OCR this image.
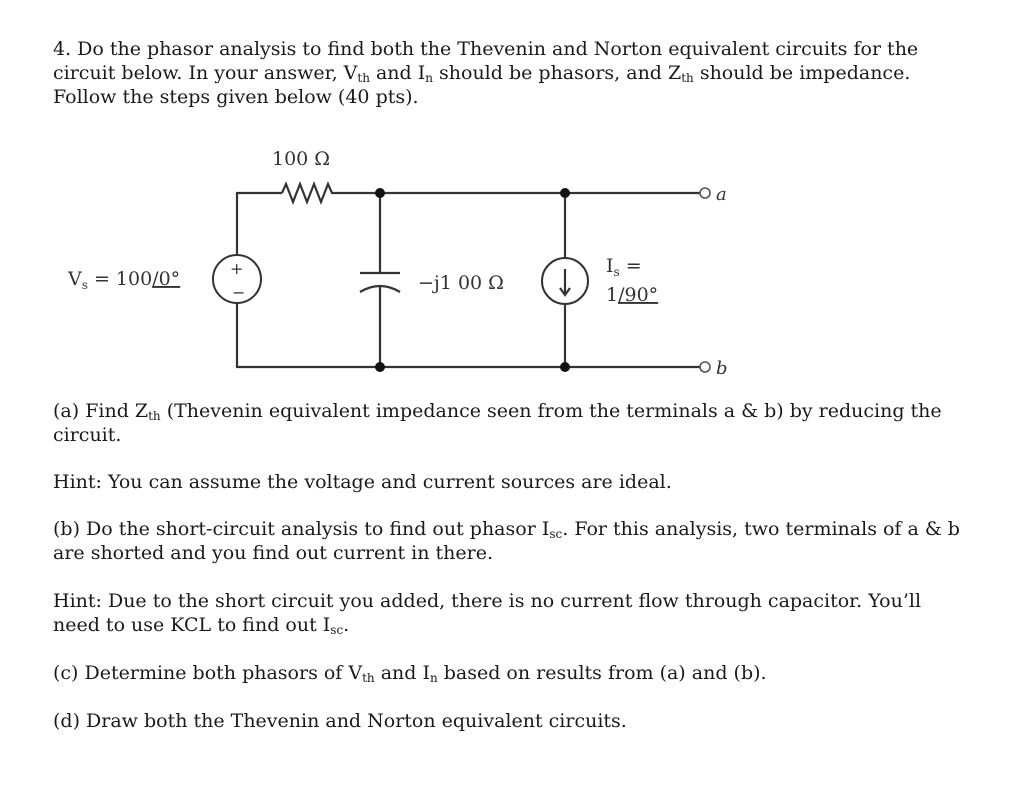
4. Do the phasor analysis to find both the Thevenin and Norton equivalent circuits for the circuit below. In your answer, $V_{th}$ and $I_n$ should be phasors, and $Z_{th}$ should be impedance. Follow the steps given below (40 pts).
100 Ω
−j1 00 Ω
+
−
$V_s = 100/0^\circ$
$I_s$ =
1/90°
a
b
(a) Find $Z_{th}$ (Thevenin equivalent impedance seen from the terminals a & b) by reducing the circuit.
Hint: You can assume the voltage and current sources are ideal.
(b) Do the short-circuit analysis to find out phasor $I_{sc}$. For this analysis, two terminals of a & b are shorted and you find out current in there.
Hint: Due to the short circuit you added, there is no current flow through capacitor. You’ll need to use KCL to find out $I_{sc}$.
(c) Determine both phasors of $V_{th}$ and $I_n$ based on results from (a) and (b).
(d) Draw both the Thevenin and Norton equivalent circuits.
